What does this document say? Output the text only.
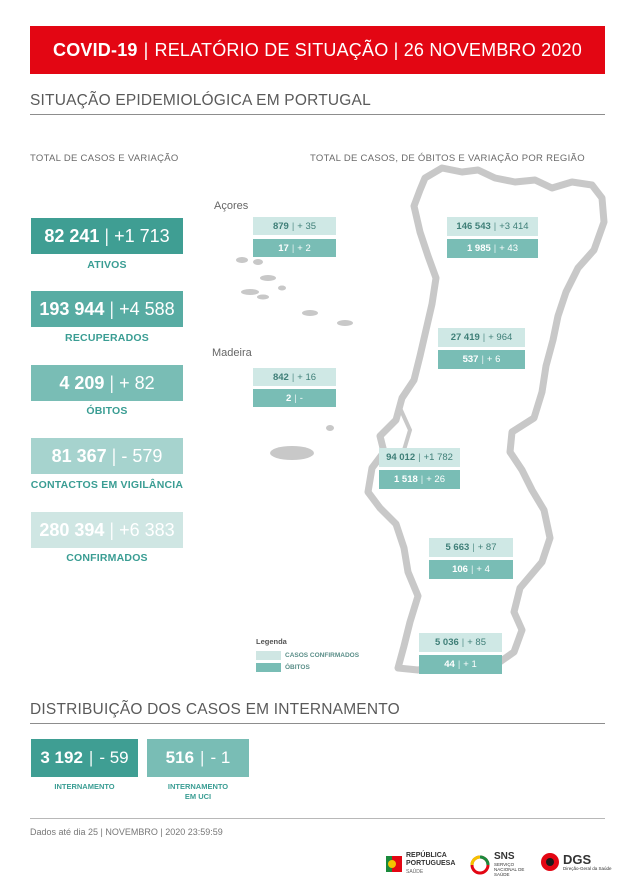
COVID-19 | RELATÓRIO DE SITUAÇÃO | 26 NOVEMBRO 2020
SITUAÇÃO EPIDEMIOLÓGICA EM PORTUGAL
TOTAL DE CASOS E VARIAÇÃO	TOTAL DE CASOS, DE ÓBITOS E VARIAÇÃO POR REGIÃO
82 241 | +1 713
ATIVOS
193 944 | +4 588
RECUPERADOS
4 209 | + 82
ÓBITOS
81 367 | - 579
CONTACTOS EM VIGILÂNCIA
280 394 | +6 383
CONFIRMADOS
Açores
Madeira
879 | + 35
17 | + 2
842 | + 16
2 | -
146 543 | +3 414
1 985 | + 43
27 419 | + 964
537 | + 6
94 012 | +1 782
1 518 | + 26
5 663 | + 87
106 | + 4
5 036 | + 85
44 | + 1
Legenda
CASOS CONFIRMADOS
ÓBITOS
DISTRIBUIÇÃO DOS CASOS EM INTERNAMENTO
3 192 | - 59
INTERNAMENTO
516 | - 1
INTERNAMENTO
EM UCI
Dados até dia 25 | NOVEMBRO | 2020 23:59:59
REPÚBLICA
PORTUGUESA
SAÚDE
SNS
SERVIÇO NACIONAL DE SAÚDE
DGS
Direção-Geral da Saúde
